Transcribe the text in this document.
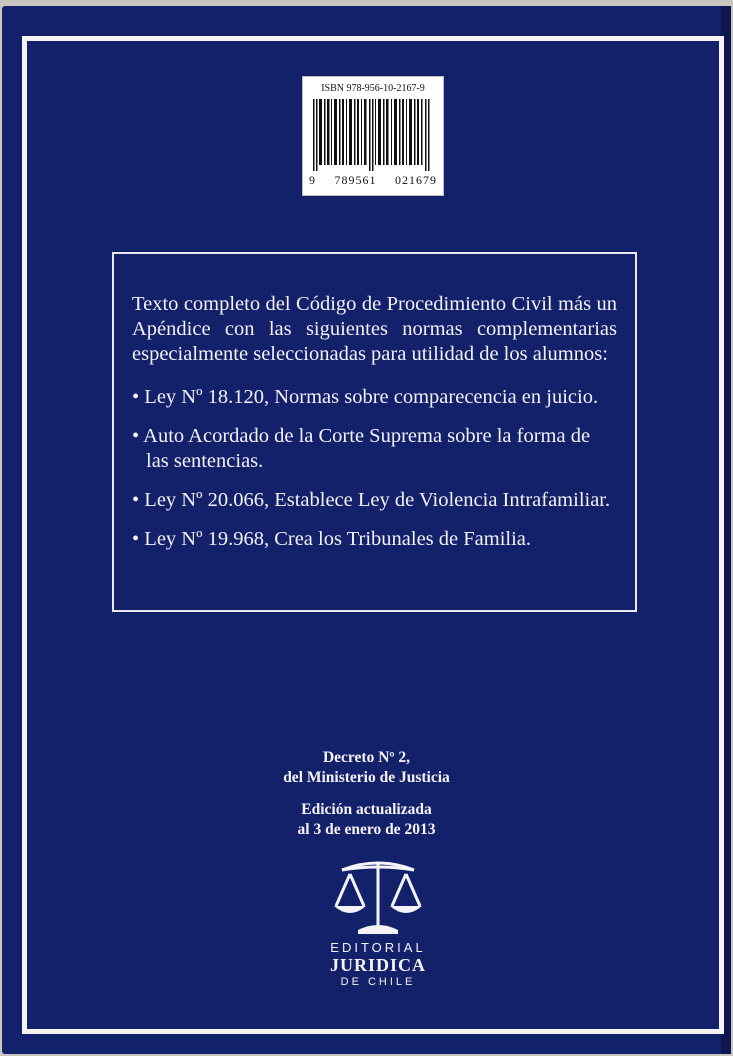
ISBN 978-956-10-2167-9
9 789561 021679

Texto completo del Código de Procedimiento Civil más un Apéndice con las siguientes normas complementarias especialmente seleccionadas para utilidad de los alumnos:

• Ley Nº 18.120, Normas sobre comparecencia en juicio.

• Auto Acordado de la Corte Suprema sobre la forma de las sentencias.

• Ley Nº 20.066, Establece Ley de Violencia Intrafamiliar.

• Ley Nº 19.968, Crea los Tribunales de Familia.

Decreto Nº 2,
del Ministerio de Justicia
Edición actualizada
al 3 de enero de 2013
EDITORIAL
JURIDICA
DE CHILE
